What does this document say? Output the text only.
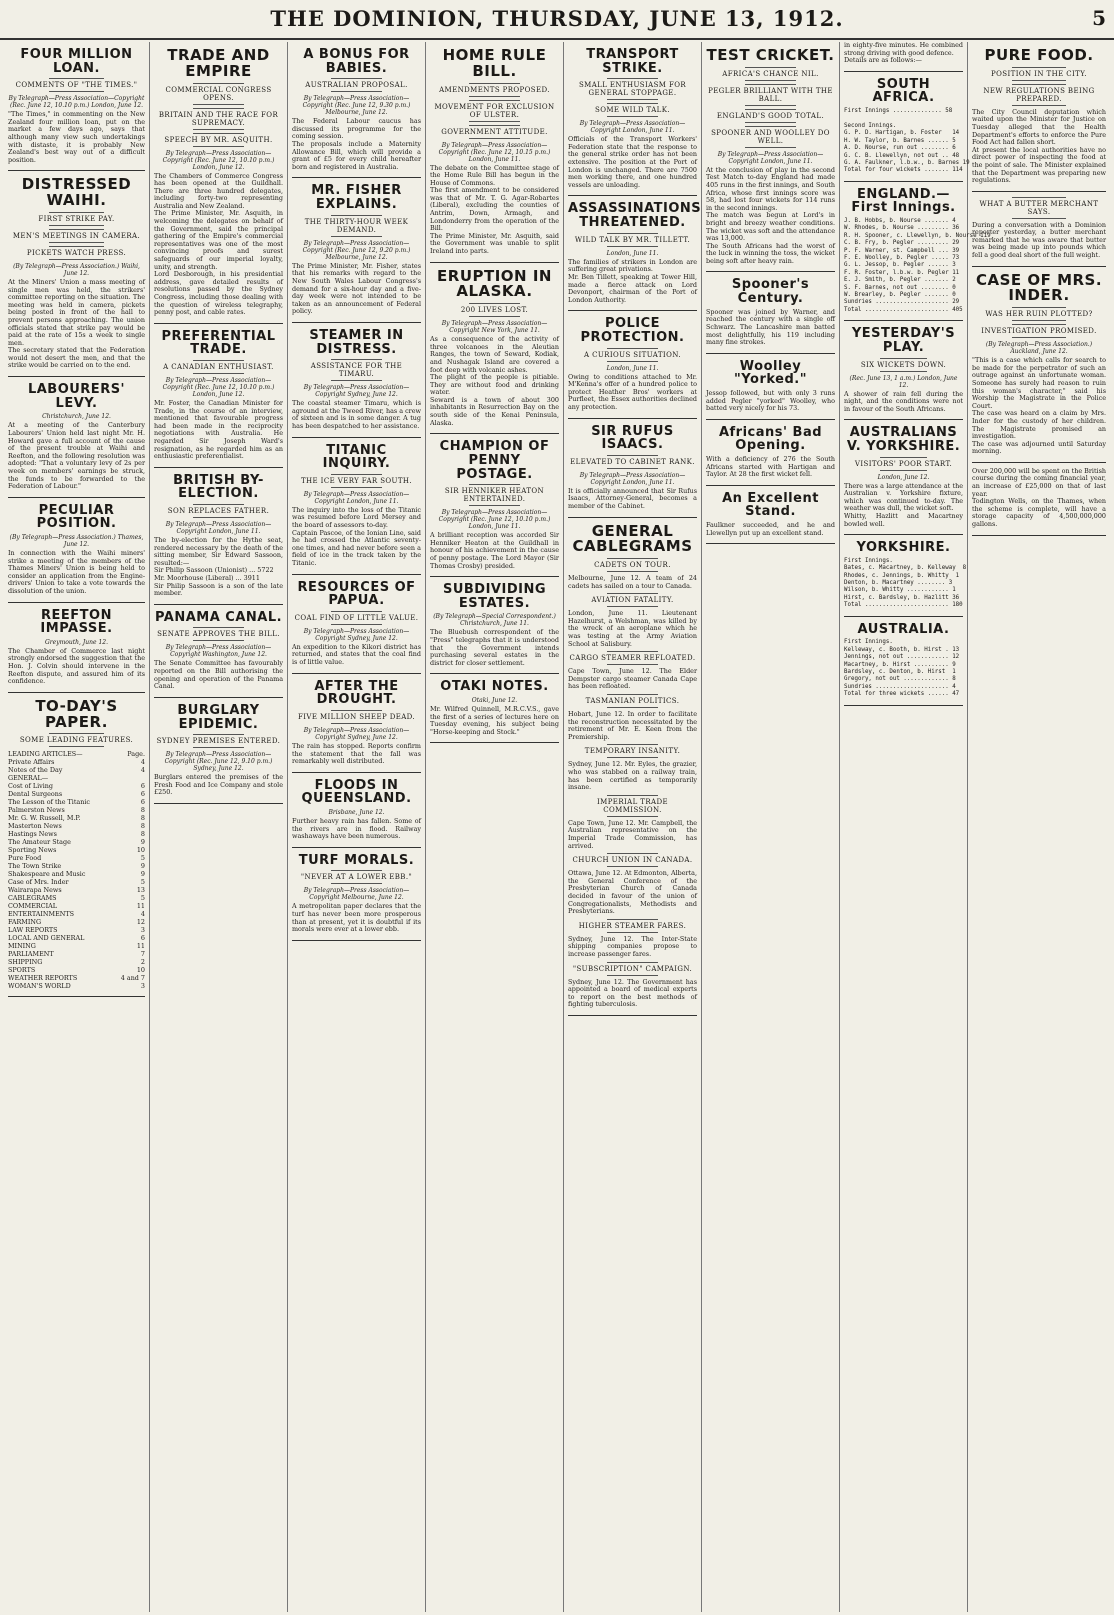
THE DOMINION, THURSDAY, JUNE 13, 1912.	5
FOUR MILLION LOAN.
COMMENTS OF "THE TIMES."
By Telegraph—Press Association—Copyright (Rec. June 12, 10.10 p.m.) London, June 12.

"The Times," in commenting on the New Zealand four million loan, put on the market a few days ago, says that although many view such undertakings with distaste, it is probably New Zealand's best way out of a difficult position.

DISTRESSED WAIHI.
FIRST STRIKE PAY.
MEN'S MEETINGS IN CAMERA.
PICKETS WATCH PRESS.
(By Telegraph—Press Association.) Waihi, June 12.

At the Miners' Union a mass meeting of single men was held, the strikers' committee reporting on the situation. The meeting was held in camera, pickets being posted in front of the hall to prevent persons approaching. The union officials stated that strike pay would be paid at the rate of 15s a week to single men.
The secretary stated that the Federation would not desert the men, and that the strike would be carried on to the end.

LABOURERS' LEVY.
Christchurch, June 12.

At a meeting of the Canterbury Labourers' Union held last night Mr. H. Howard gave a full account of the cause of the present trouble at Waihi and Reefton, and the following resolution was adopted: "That a voluntary levy of 2s per week on members' earnings be struck, the funds to be forwarded to the Federation of Labour."

PECULIAR POSITION.
(By Telegraph—Press Association.) Thames, June 12.

In connection with the Waihi miners' strike a meeting of the members of the Thames Miners' Union is being held to consider an application from the Engine-drivers' Union to take a vote towards the dissolution of the union.

REEFTON IMPASSE.
Greymouth, June 12.

The Chamber of Commerce last night strongly endorsed the suggestion that the Hon. J. Colvin should intervene in the Reefton dispute, and assured him of its confidence.

TO-DAY'S PAPER.
SOME LEADING FEATURES.
LEADING ARTICLES—	Page.
Private Affairs	4
Notes of the Day	4
GENERAL—
Cost of Living	6
Dental Surgeons	6
The Lesson of the Titanic	6
Palmerston News	8
Mr. G. W. Russell, M.P.	8
Masterton News	8
Hastings News	8
The Amateur Stage	9
Sporting News	10
Pure Food	5
The Town Strike	9
Shakespeare and Music	9
Case of Mrs. Inder	5
Wairarapa News	13
CABLEGRAMS	5
COMMERCIAL	11
ENTERTAINMENTS	4
FARMING	12
LAW REPORTS	3
LOCAL AND GENERAL	6
MINING	11
PARLIAMENT	7
SHIPPING	2
SPORTS	10
WEATHER REPORTS	4 and 7
WOMAN'S WORLD	3
TRADE AND EMPIRE
COMMERCIAL CONGRESS OPENS.
BRITAIN AND THE RACE FOR SUPREMACY.
SPEECH BY MR. ASQUITH.
By Telegraph—Press Association—Copyright (Rec. June 12, 10.10 p.m.) London, June 12.

The Chambers of Commerce Congress has been opened at the Guildhall. There are three hundred delegates, including forty-two representing Australia and New Zealand.
The Prime Minister, Mr. Asquith, in welcoming the delegates on behalf of the Government, said the principal gathering of the Empire's commercial representatives was one of the most convincing proofs and surest safeguards of our imperial loyalty, unity, and strength.
Lord Desborough, in his presidential address, gave detailed results of resolutions passed by the Sydney Congress, including those dealing with the question of wireless telegraphy, penny post, and cable rates.

PREFERENTIAL TRADE.
A CANADIAN ENTHUSIAST.
By Telegraph—Press Association—Copyright (Rec. June 12, 10.10 p.m.) London, June 12.

Mr. Foster, the Canadian Minister for Trade, in the course of an interview, mentioned that favourable progress had been made in the reciprocity negotiations with Australia. He regarded Sir Joseph Ward's resignation, as he regarded him as an enthusiastic preferentialist.

BRITISH BY-ELECTION.
SON REPLACES FATHER.
By Telegraph—Press Association—Copyright London, June 11.

The by-election for the Hythe seat, rendered necessary by the death of the sitting member, Sir Edward Sassoon, resulted:—
Sir Philip Sassoon (Unionist) ... 5722
Mr. Moorhouse (Liberal) ... 3911
Sir Philip Sassoon is a son of the late member.

PANAMA CANAL.
SENATE APPROVES THE BILL.
By Telegraph—Press Association—Copyright Washington, June 12.

The Senate Committee has favourably reported on the Bill authorising the opening and operation of the Panama Canal.

BURGLARY EPIDEMIC.
SYDNEY PREMISES ENTERED.
By Telegraph—Press Association—Copyright (Rec. June 12, 9.10 p.m.) Sydney, June 12.

Burglars entered the premises of the Fresh Food and Ice Company and stole £250.

A BONUS FOR BABIES.
AUSTRALIAN PROPOSAL.
By Telegraph—Press Association—Copyright (Rec. June 12, 9.30 p.m.) Melbourne, June 12.

The Federal Labour caucus has discussed its programme for the coming session.
The proposals include a Maternity Allowance Bill, which will provide a grant of £5 for every child hereafter born and registered in Australia.

MR. FISHER EXPLAINS.
THE THIRTY-HOUR WEEK DEMAND.
By Telegraph—Press Association—Copyright (Rec. June 12, 9.20 p.m.) Melbourne, June 12.

The Prime Minister, Mr. Fisher, states that his remarks with regard to the New South Wales Labour Congress's demand for a six-hour day and a five-day week were not intended to be taken as an announcement of Federal policy.

STEAMER IN DISTRESS.
ASSISTANCE FOR THE TIMARU.
By Telegraph—Press Association—Copyright Sydney, June 12.

The coastal steamer Timaru, which is aground at the Tweed River, has a crew of sixteen and is in some danger. A tug has been despatched to her assistance.

TITANIC INQUIRY.
THE ICE VERY FAR SOUTH.
By Telegraph—Press Association—Copyright London, June 11.

The inquiry into the loss of the Titanic was resumed before Lord Mersey and the board of assessors to-day.
Captain Pascoe, of the Ionian Line, said he had crossed the Atlantic seventy-one times, and had never before seen a field of ice in the track taken by the Titanic.

RESOURCES OF PAPUA.
COAL FIND OF LITTLE VALUE.
By Telegraph—Press Association—Copyright Sydney, June 12.

An expedition to the Kikori district has returned, and states that the coal find is of little value.

AFTER THE DROUGHT.
FIVE MILLION SHEEP DEAD.
By Telegraph—Press Association—Copyright Sydney, June 12.

The rain has stopped. Reports confirm the statement that the fall was remarkably well distributed.

FLOODS IN QUEENSLAND.
Brisbane, June 12.

Further heavy rain has fallen. Some of the rivers are in flood. Railway washaways have been numerous.

TURF MORALS.
"NEVER AT A LOWER EBB."
By Telegraph—Press Association—Copyright Melbourne, June 12.

A metropolitan paper declares that the turf has never been more prosperous than at present, yet it is doubtful if its morals were ever at a lower ebb.

HOME RULE BILL.
AMENDMENTS PROPOSED.
MOVEMENT FOR EXCLUSION OF ULSTER.
GOVERNMENT ATTITUDE.
By Telegraph—Press Association—Copyright (Rec. June 12, 10.15 p.m.) London, June 11.

The debate on the Committee stage of the Home Rule Bill has begun in the House of Commons.
The first amendment to be considered was that of Mr. T. G. Agar-Robartes (Liberal), excluding the counties of Antrim, Down, Armagh, and Londonderry from the operation of the Bill.
The Prime Minister, Mr. Asquith, said the Government was unable to split Ireland into parts.

ERUPTION IN ALASKA.
200 LIVES LOST.
By Telegraph—Press Association—Copyright New York, June 11.

As a consequence of the activity of three volcanoes in the Aleutian Ranges, the town of Seward, Kodiak, and Nushagak Island are covered a foot deep with volcanic ashes.
The plight of the people is pitiable. They are without food and drinking water.
Seward is a town of about 300 inhabitants in Resurrection Bay on the south side of the Kenai Peninsula, Alaska.

CHAMPION OF PENNY POSTAGE.
SIR HENNIKER HEATON ENTERTAINED.
By Telegraph—Press Association—Copyright (Rec. June 12, 10.10 p.m.) London, June 11.

A brilliant reception was accorded Sir Henniker Heaton at the Guildhall in honour of his achievement in the cause of penny postage. The Lord Mayor (Sir Thomas Crosby) presided.

SUBDIVIDING ESTATES.
(By Telegraph—Special Correspondent.) Christchurch, June 11.

The Bluebush correspondent of the "Press" telegraphs that it is understood that the Government intends purchasing several estates in the district for closer settlement.

OTAKI NOTES.
Otaki, June 12.

Mr. Wilfred Quinnell, M.R.C.V.S., gave the first of a series of lectures here on Tuesday evening, his subject being "Horse-keeping and Stock."

TRANSPORT STRIKE.
SMALL ENTHUSIASM FOR GENERAL STOPPAGE.
SOME WILD TALK.
By Telegraph—Press Association—Copyright London, June 11.

Officials of the Transport Workers' Federation state that the response to the general strike order has not been extensive. The position at the Port of London is unchanged. There are 7500 men working there, and one hundred vessels are unloading.

ASSASSINATIONS THREATENED.
WILD TALK BY MR. TILLETT.
London, June 11.

The families of strikers in London are suffering great privations.
Mr. Ben Tillett, speaking at Tower Hill, made a fierce attack on Lord Devonport, chairman of the Port of London Authority.

POLICE PROTECTION.
A CURIOUS SITUATION.
London, June 11.

Owing to conditions attached to Mr. M'Kenna's offer of a hundred police to protect Heather Bros' workers at Purfleet, the Essex authorities declined any protection.

SIR RUFUS ISAACS.
ELEVATED TO CABINET RANK.
By Telegraph—Press Association—Copyright London, June 11.

It is officially announced that Sir Rufus Isaacs, Attorney-General, becomes a member of the Cabinet.

GENERAL CABLEGRAMS
CADETS ON TOUR.

Melbourne, June 12. A team of 24 cadets has sailed on a tour to Canada.

AVIATION FATALITY.

London, June 11. Lieutenant Hazelhurst, a Welshman, was killed by the wreck of an aeroplane which he was testing at the Army Aviation School at Salisbury.

CARGO STEAMER REFLOATED.

Cape Town, June 12. The Elder Dempster cargo steamer Canada Cape has been refloated.

TASMANIAN POLITICS.

Hobart, June 12. In order to facilitate the reconstruction necessitated by the retirement of Mr. E. Keen from the Premiership.

TEMPORARY INSANITY.

Sydney, June 12. Mr. Eyles, the grazier, who was stabbed on a railway train, has been certified as temporarily insane.

IMPERIAL TRADE COMMISSION.

Cape Town, June 12. Mr. Campbell, the Australian representative on the Imperial Trade Commission, has arrived.

CHURCH UNION IN CANADA.

Ottawa, June 12. At Edmonton, Alberta, the General Conference of the Presbyterian Church of Canada decided in favour of the union of Congregationalists, Methodists and Presbyterians.

HIGHER STEAMER FARES.

Sydney, June 12. The Inter-State shipping companies propose to increase passenger fares.

"SUBSCRIPTION" CAMPAIGN.

Sydney, June 12. The Government has appointed a board of medical experts to report on the best methods of fighting tuberculosis.

TEST CRICKET.
AFRICA'S CHANCE NIL.
PEGLER BRILLIANT WITH THE BALL.
ENGLAND'S GOOD TOTAL.
SPOONER AND WOOLLEY DO WELL.
By Telegraph—Press Association—Copyright London, June 11.

At the conclusion of play in the second Test Match to-day England had made 405 runs in the first innings, and South Africa, whose first innings score was 58, had lost four wickets for 114 runs in the second innings.
The match was begun at Lord's in bright and breezy weather conditions. The wicket was soft and the attendance was 13,000.
The South Africans had the worst of the luck in winning the toss, the wicket being soft after heavy rain.

Spooner's Century.

Spooner was joined by Warner, and reached the century with a single off Schwarz. The Lancashire man batted most delightfully, his 119 including many fine strokes.

Woolley "Yorked."

Jessop followed, but with only 3 runs added Pegler "yorked" Woolley, who batted very nicely for his 73.

Africans' Bad Opening.

With a deficiency of 276 the South Africans started with Hartigan and Taylor. At 28 the first wicket fell.

An Excellent Stand.

Faulkner succeeded, and he and Llewellyn put up an excellent stand.

in eighty-five minutes. He combined strong driving with good defence.
Details are as follows:—

SOUTH AFRICA.
First Innings .............. 58

Second Innings.
G. P. D. Hartigan, b. Foster   14
H. W. Taylor, b. Barnes ...... 5
A. D. Nourse, run out ........ 6
G. C. B. Llewellyn, not out .. 48
G. A. Faulkner, l.b.w., b. Barnes 19
Total for four wickets ....... 114
ENGLAND.—First Innings.
J. B. Hobbs, b. Nourse ....... 4
W. Rhodes, b. Nourse ......... 36
R. H. Spooner, c. Llewellyn, b. Nourse 119
C. B. Fry, b. Pegler ......... 29
P. F. Warner, st. Campbell ... 39
F. E. Woolley, b. Pegler ..... 73
G. L. Jessop, b. Pegler ...... 3
F. R. Foster, l.b.w. b. Pegler 11
E. J. Smith, b. Pegler ....... 2
S. F. Barnes, not out ........ 0
W. Brearley, b. Pegler ....... 0
Sundries ..................... 29
Total ........................ 405
YESTERDAY'S PLAY.
SIX WICKETS DOWN.
(Rec. June 13, 1 a.m.) London, June 12.

A shower of rain fell during the night, and the conditions were not in favour of the South Africans.

AUSTRALIANS V. YORKSHIRE.
VISITORS' POOR START.
London, June 12.

There was a large attendance at the Australian v. Yorkshire fixture, which was continued to-day. The weather was dull, the wicket soft.
Whitty, Hazlitt and Macartney bowled well.

YORKSHIRE.
First Innings.
Bates, c. Macartney, b. Kelleway  8
Rhodes, c. Jennings, b. Whitty  1
Denton, b. Macartney ........ 3
Wilson, b. Whitty ............ 1
Hirst, c. Bardsley, b. Hazlitt 36
Total ........................ 180
AUSTRALIA.
First Innings.
Kelleway, c. Booth, b. Hirst . 13
Jennings, not out ............ 12
Macartney, b. Hirst .......... 9
Bardsley, c. Denton, b. Hirst  1
Gregory, not out ............. 8
Sundries ..................... 4
Total for three wickets ...... 47
PURE FOOD.
POSITION IN THE CITY.
NEW REGULATIONS BEING PREPARED.

The City Council deputation which waited upon the Minister for Justice on Tuesday alleged that the Health Department's efforts to enforce the Pure Food Act had fallen short.
At present the local authorities have no direct power of inspecting the food at the point of sale. The Minister explained that the Department was preparing new regulations.

WHAT A BUTTER MERCHANT SAYS.

During a conversation with a Dominion reporter yesterday, a butter merchant remarked that he was aware that butter was being made up into pounds which fell a good deal short of the full weight.

CASE OF MRS. INDER.
WAS HER RUIN PLOTTED?
INVESTIGATION PROMISED.
(By Telegraph—Press Association.) Auckland, June 12.

"This is a case which calls for search to be made for the perpetrator of such an outrage against an unfortunate woman. Someone has surely had reason to ruin this woman's character," said his Worship the Magistrate in the Police Court.
The case was heard on a claim by Mrs. Inder for the custody of her children. The Magistrate promised an investigation.
The case was adjourned until Saturday morning.

Over 200,000 will be spent on the British course during the coming financial year, an increase of £25,000 on that of last year.
Todington Wells, on the Thames, when the scheme is complete, will have a storage capacity of 4,500,000,000 gallons.
